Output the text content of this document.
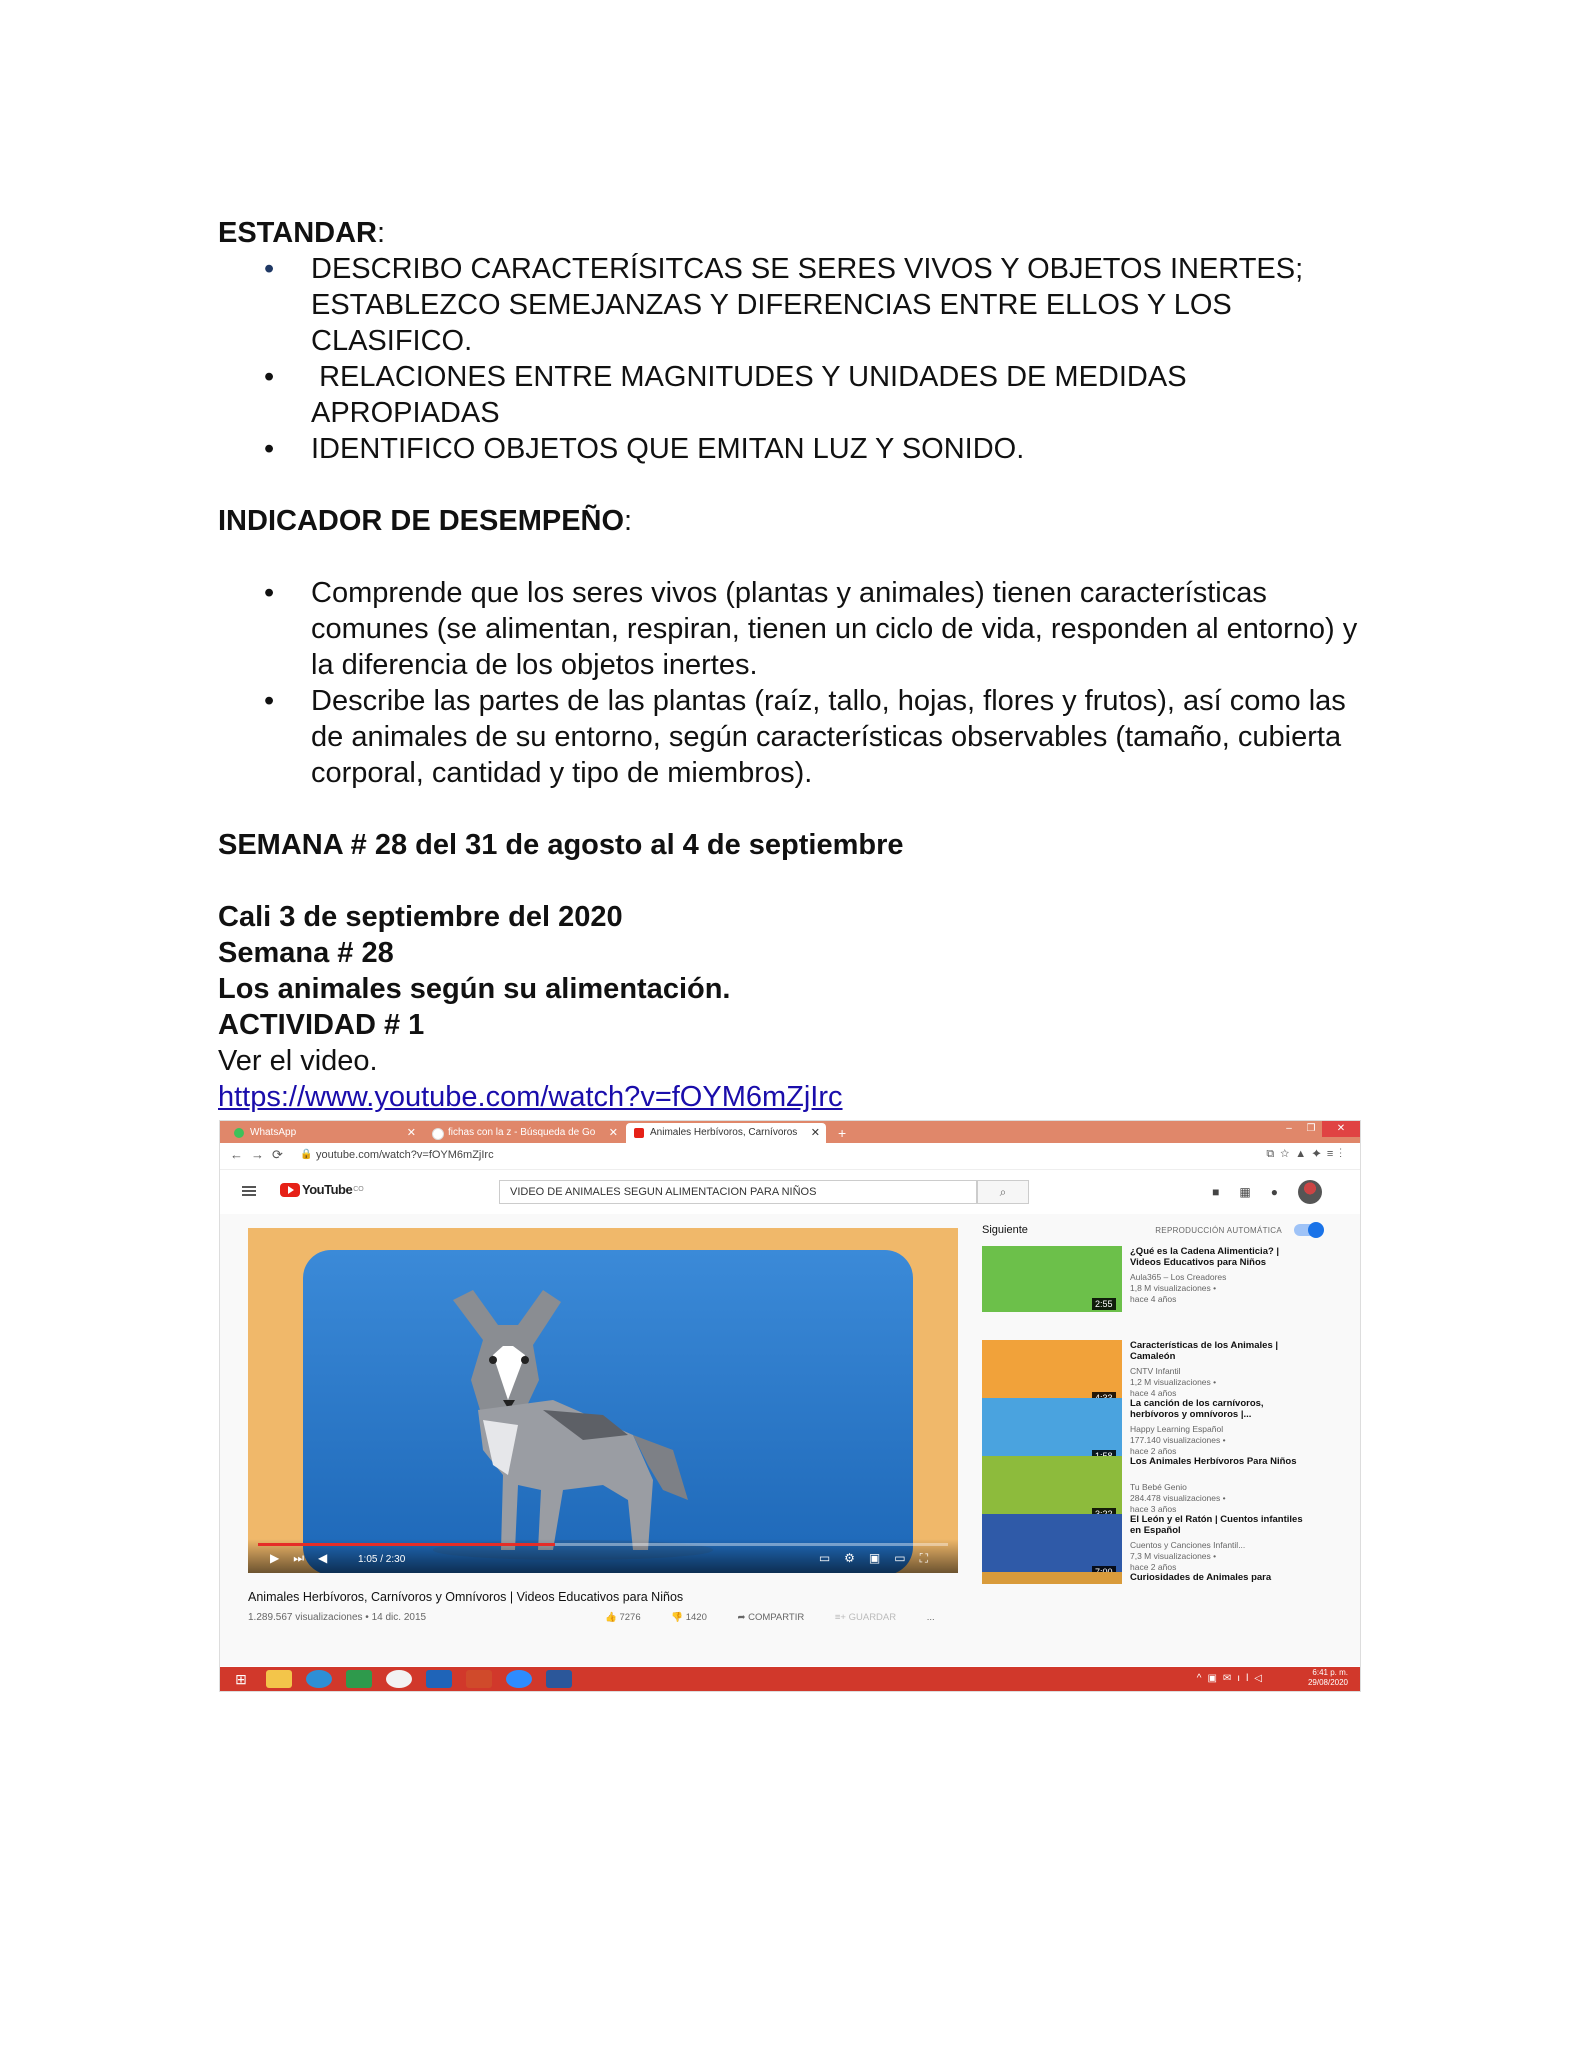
ESTANDAR:

• DESCRIBO CARACTERÍSITCAS SE SERES VIVOS Y OBJETOS INERTES; ESTABLEZCO SEMEJANZAS Y DIFERENCIAS ENTRE ELLOS Y LOS CLASIFICO.
•  RELACIONES ENTRE MAGNITUDES Y UNIDADES DE MEDIDAS APROPIADAS
• IDENTIFICO OBJETOS QUE EMITAN LUZ Y SONIDO.

INDICADOR DE DESEMPEÑO:

• Comprende que los seres vivos (plantas y animales) tienen características comunes (se alimentan, respiran, tienen un ciclo de vida, responden al entorno) y la diferencia de los objetos inertes.
• Describe las partes de las plantas (raíz, tallo, hojas, flores y frutos), así como las de animales de su entorno, según características observables (tamaño, cubierta corporal, cantidad y tipo de miembros).

SEMANA # 28 del 31 de agosto al 4 de septiembre

Cali 3 de septiembre del 2020

Semana # 28

Los animales según su alimentación.

ACTIVIDAD # 1

Ver el video.

https://www.youtube.com/watch?v=fOYM6mZjIrc
WhatsApp	✕	fichas con la z - Búsqueda de Go ✕	Animales Herbívoros, Carnívoros ✕	+	–	❐	✕
←→⟳ 🔒 youtube.com/watch?v=fOYM6mZjIrc	⧉☆▲✦≡⋮
YouTube CO	VIDEO DE ANIMALES SEGUN ALIMENTACION PARA NIÑOS	⌕	■▦●
▶⏭◀ 1:05 / 2:30	▭⚙▣▭⛶
Animales Herbívoros, Carnívoros y Omnívoros | Videos Educativos para Niños
1.289.567 visualizaciones • 14 dic. 2015	👍 7276	👎 1420	➦ COMPARTIR	≡+ GUARDAR	...
Siguiente	REPRODUCCIÓN AUTOMÁTICA
2:55
¿Qué es la Cadena Alimenticia? | Videos Educativos para Niños
Aula365 – Los Creadores
1,8 M visualizaciones •
hace 4 años
Características de los Animales | Camaleón
CNTV Infantil
1,2 M visualizaciones •
hace 4 años
La canción de los carnívoros, herbívoros y omnívoros |...
Happy Learning Español
177.140 visualizaciones •
hace 2 años
Los Animales Herbívoros Para Niños
Tu Bebé Genio
284.478 visualizaciones •
hace 3 años
El León y el Ratón | Cuentos infantiles en Español
Cuentos y Canciones Infantil...
7,3 M visualizaciones •
hace 2 años
Curiosidades de Animales para
⊞	^▣✉ıl◁
6:41 p. m.
29/08/2020
